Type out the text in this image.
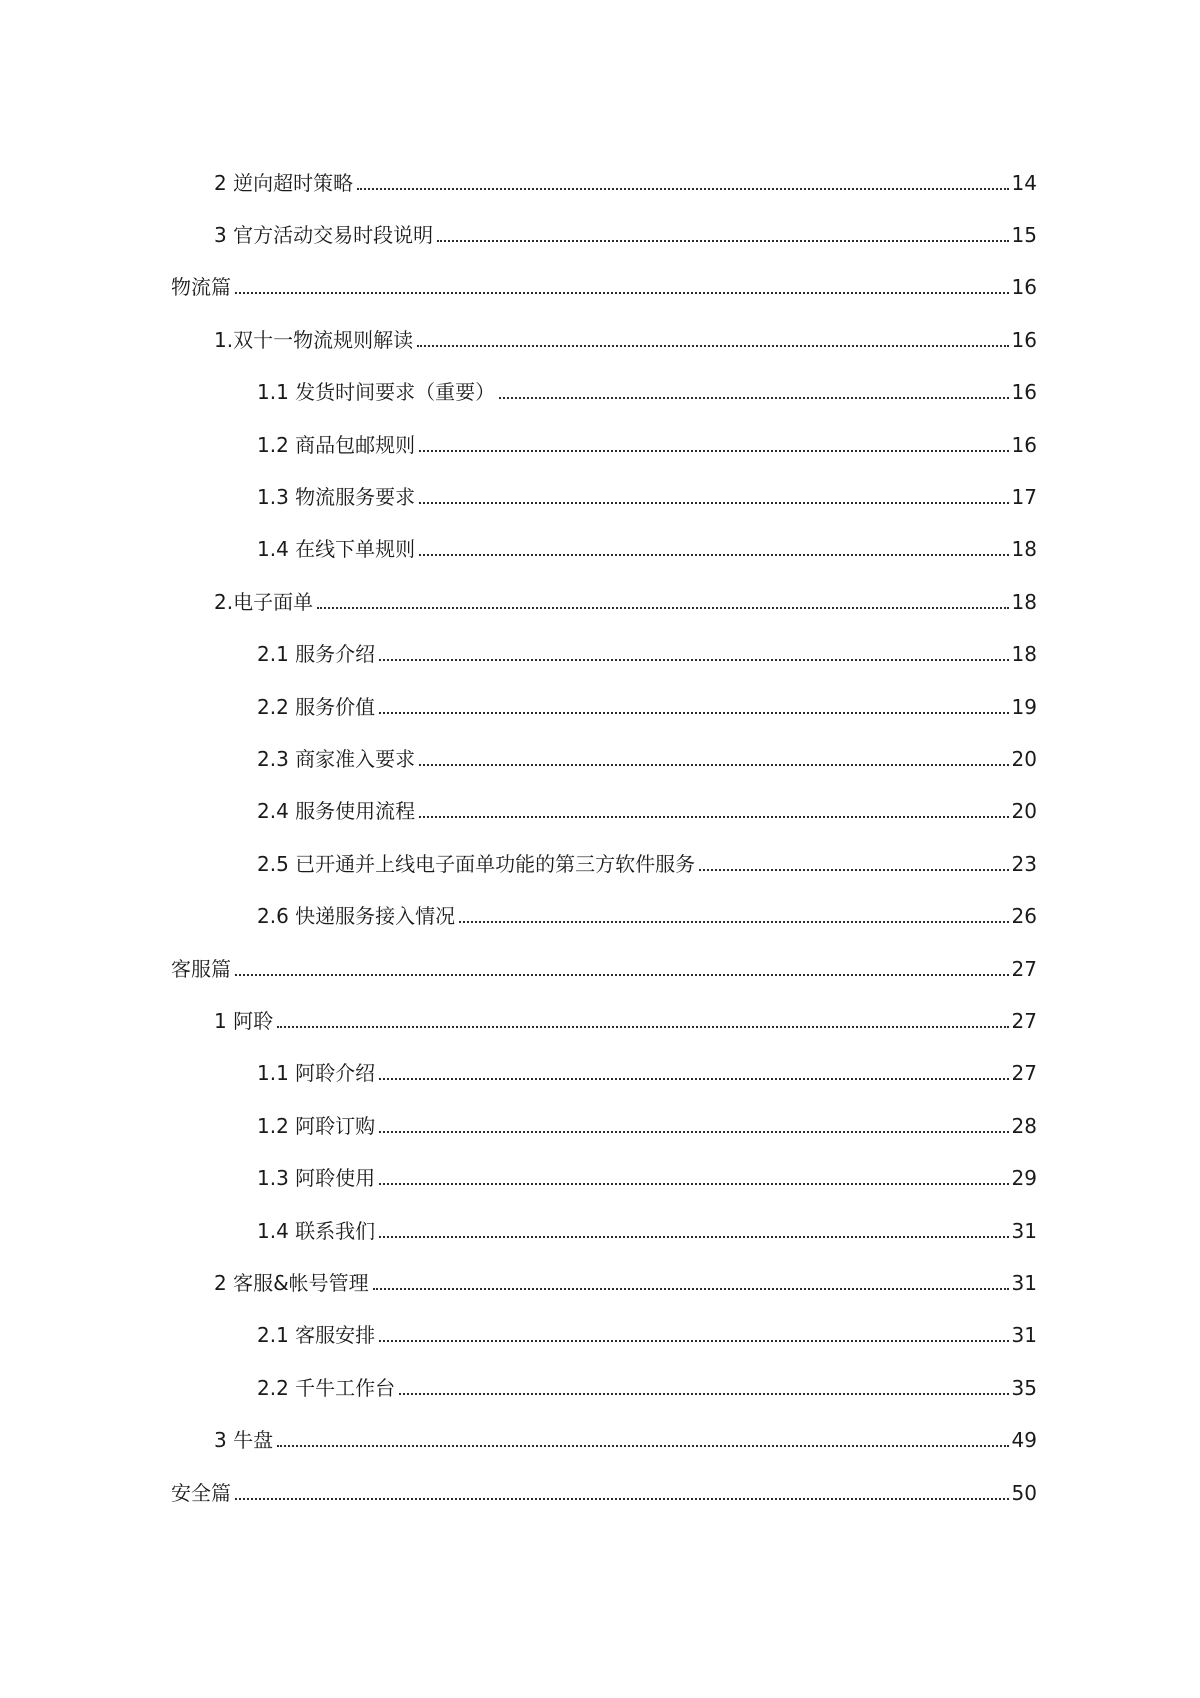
2 逆向超时策略	14
3 官方活动交易时段说明	15
物流篇	16
1.双十一物流规则解读	16
1.1 发货时间要求（重要）	16
1.2 商品包邮规则	16
1.3 物流服务要求	17
1.4 在线下单规则	18
2.电子面单	18
2.1 服务介绍	18
2.2 服务价值	19
2.3 商家准入要求	20
2.4 服务使用流程	20
2.5 已开通并上线电子面单功能的第三方软件服务	23
2.6 快递服务接入情况	26
客服篇	27
1 阿聆	27
1.1 阿聆介绍	27
1.2 阿聆订购	28
1.3 阿聆使用	29
1.4 联系我们	31
2 客服&帐号管理	31
2.1 客服安排	31
2.2 千牛工作台	35
3 牛盘	49
安全篇	50
